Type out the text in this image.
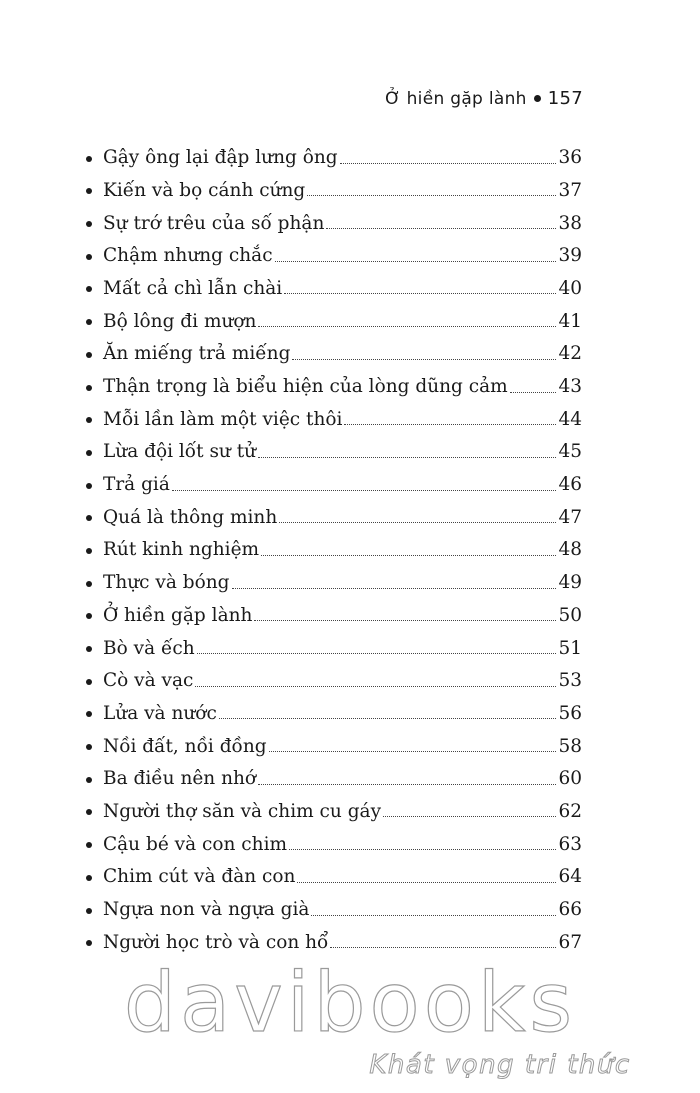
Ở hiền gặp lành 157
Gậy ông lại đập lưng ông	36
Kiến và bọ cánh cứng	37
Sự trớ trêu của số phận	38
Chậm nhưng chắc	39
Mất cả chì lẫn chài	40
Bộ lông đi mượn	41
Ăn miếng trả miếng	42
Thận trọng là biểu hiện của lòng dũng cảm	43
Mỗi lần làm một việc thôi	44
Lừa đội lốt sư tử	45
Trả giá	46
Quá là thông minh	47
Rút kinh nghiệm	48
Thực và bóng	49
Ở hiền gặp lành	50
Bò và ếch	51
Cò và vạc	53
Lửa và nước	56
Nồi đất, nồi đồng	58
Ba điều nên nhớ	60
Người thợ săn và chim cu gáy	62
Cậu bé và con chim	63
Chim cút và đàn con	64
Ngựa non và ngựa già	66
Người học trò và con hổ	67
davibooks
Khát vọng tri thức
